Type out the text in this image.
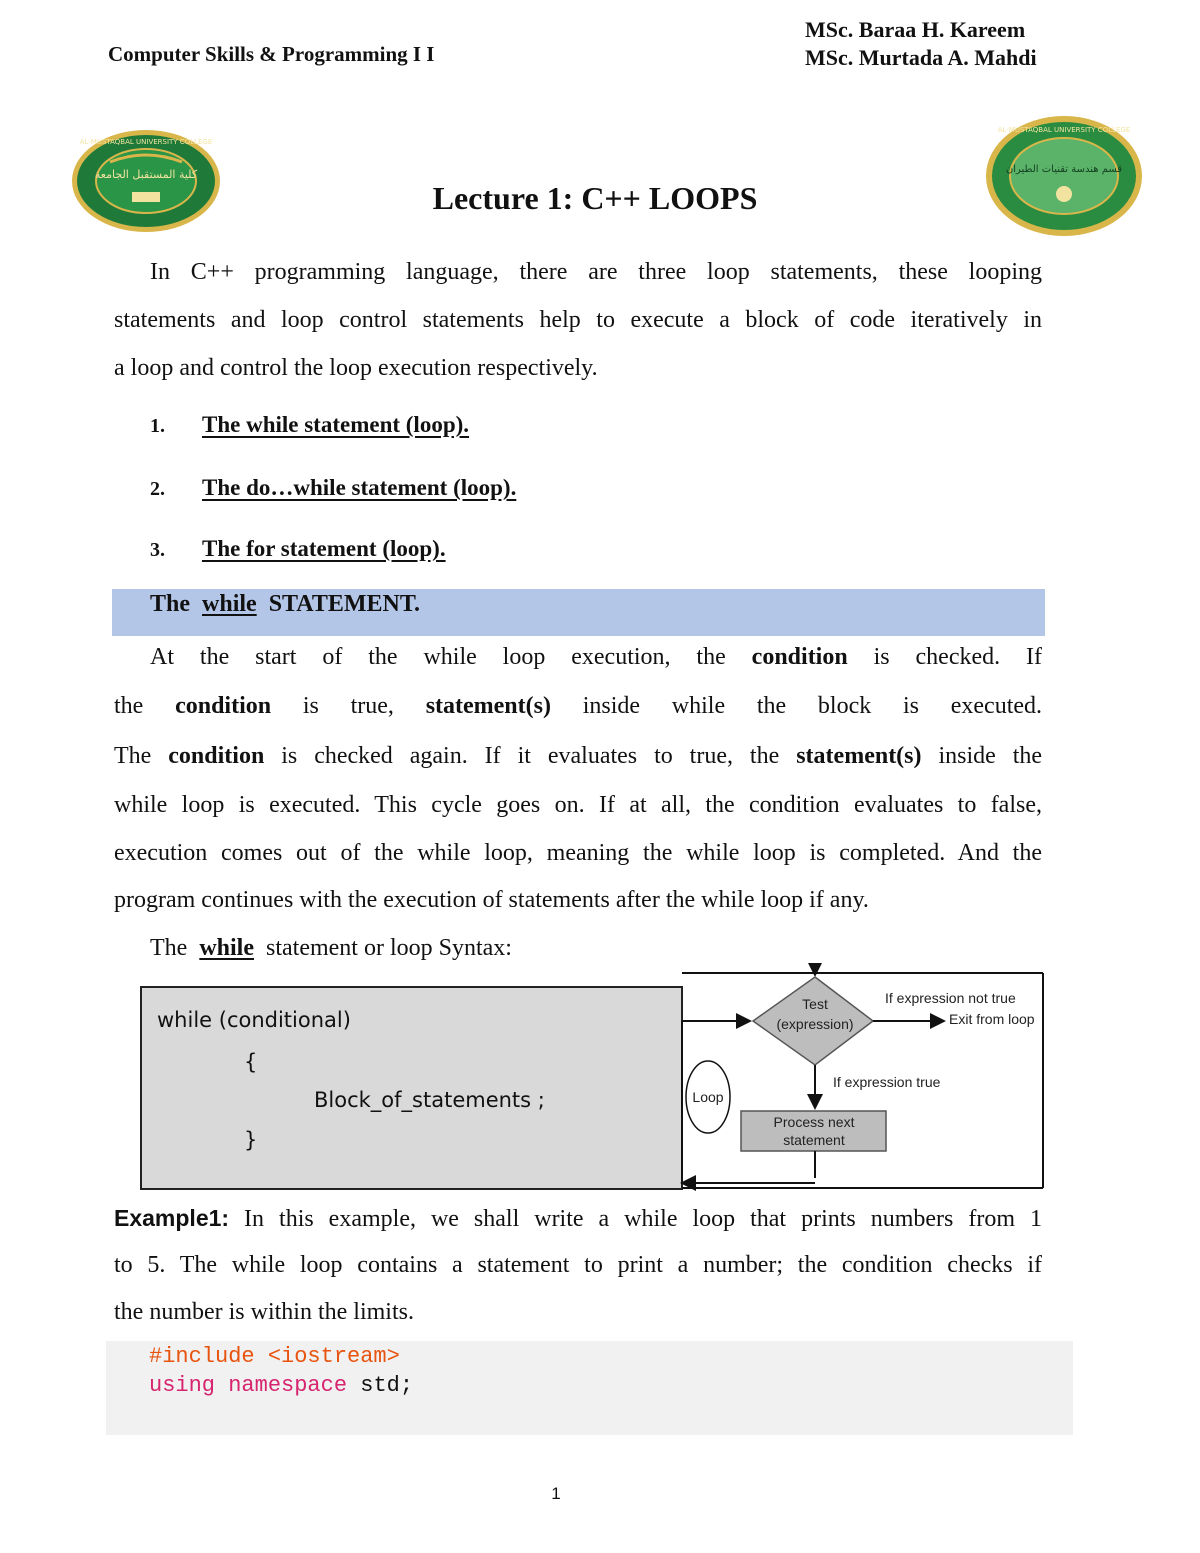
Computer Skills & Programming I I
MSc. Baraa H. Kareem
MSc. Murtada A. Mahdi
كلية المستقبل الجامعة
AL-MUSTAQBAL UNIVERSITY COLLEGE
قسم هندسة تقنيات الطيران
AL-MUSTAQBAL UNIVERSITY COLLEGE
Lecture 1: C++ LOOPS
In C++ programming language, there are three loop statements, these looping
statements and loop control statements help to execute a block of code iteratively in
a loop and control the loop execution respectively.
1. The while statement (loop).
2. The do…while statement (loop).
3. The for statement (loop).
The while STATEMENT.
At the start of the while loop execution, the condition is checked. If
the condition is true, statement(s) inside while the block is executed.
The condition is checked again. If it evaluates to true, the statement(s) inside the
while loop is executed. This cycle goes on. If at all, the condition evaluates to false,
execution comes out of the while loop, meaning the while loop is completed. And the
program continues with the execution of statements after the while loop if any.
The while statement or loop Syntax:
while (conditional)
{
Block_of_statements ;
}
Test
(expression)
If expression not true
Exit from loop
If expression true
Process next
statement
Loop
Example1: In this example, we shall write a while loop that prints numbers from 1
to 5. The while loop contains a statement to print a number; the condition checks if
the number is within the limits.
#include <iostream>
using namespace std;
1
